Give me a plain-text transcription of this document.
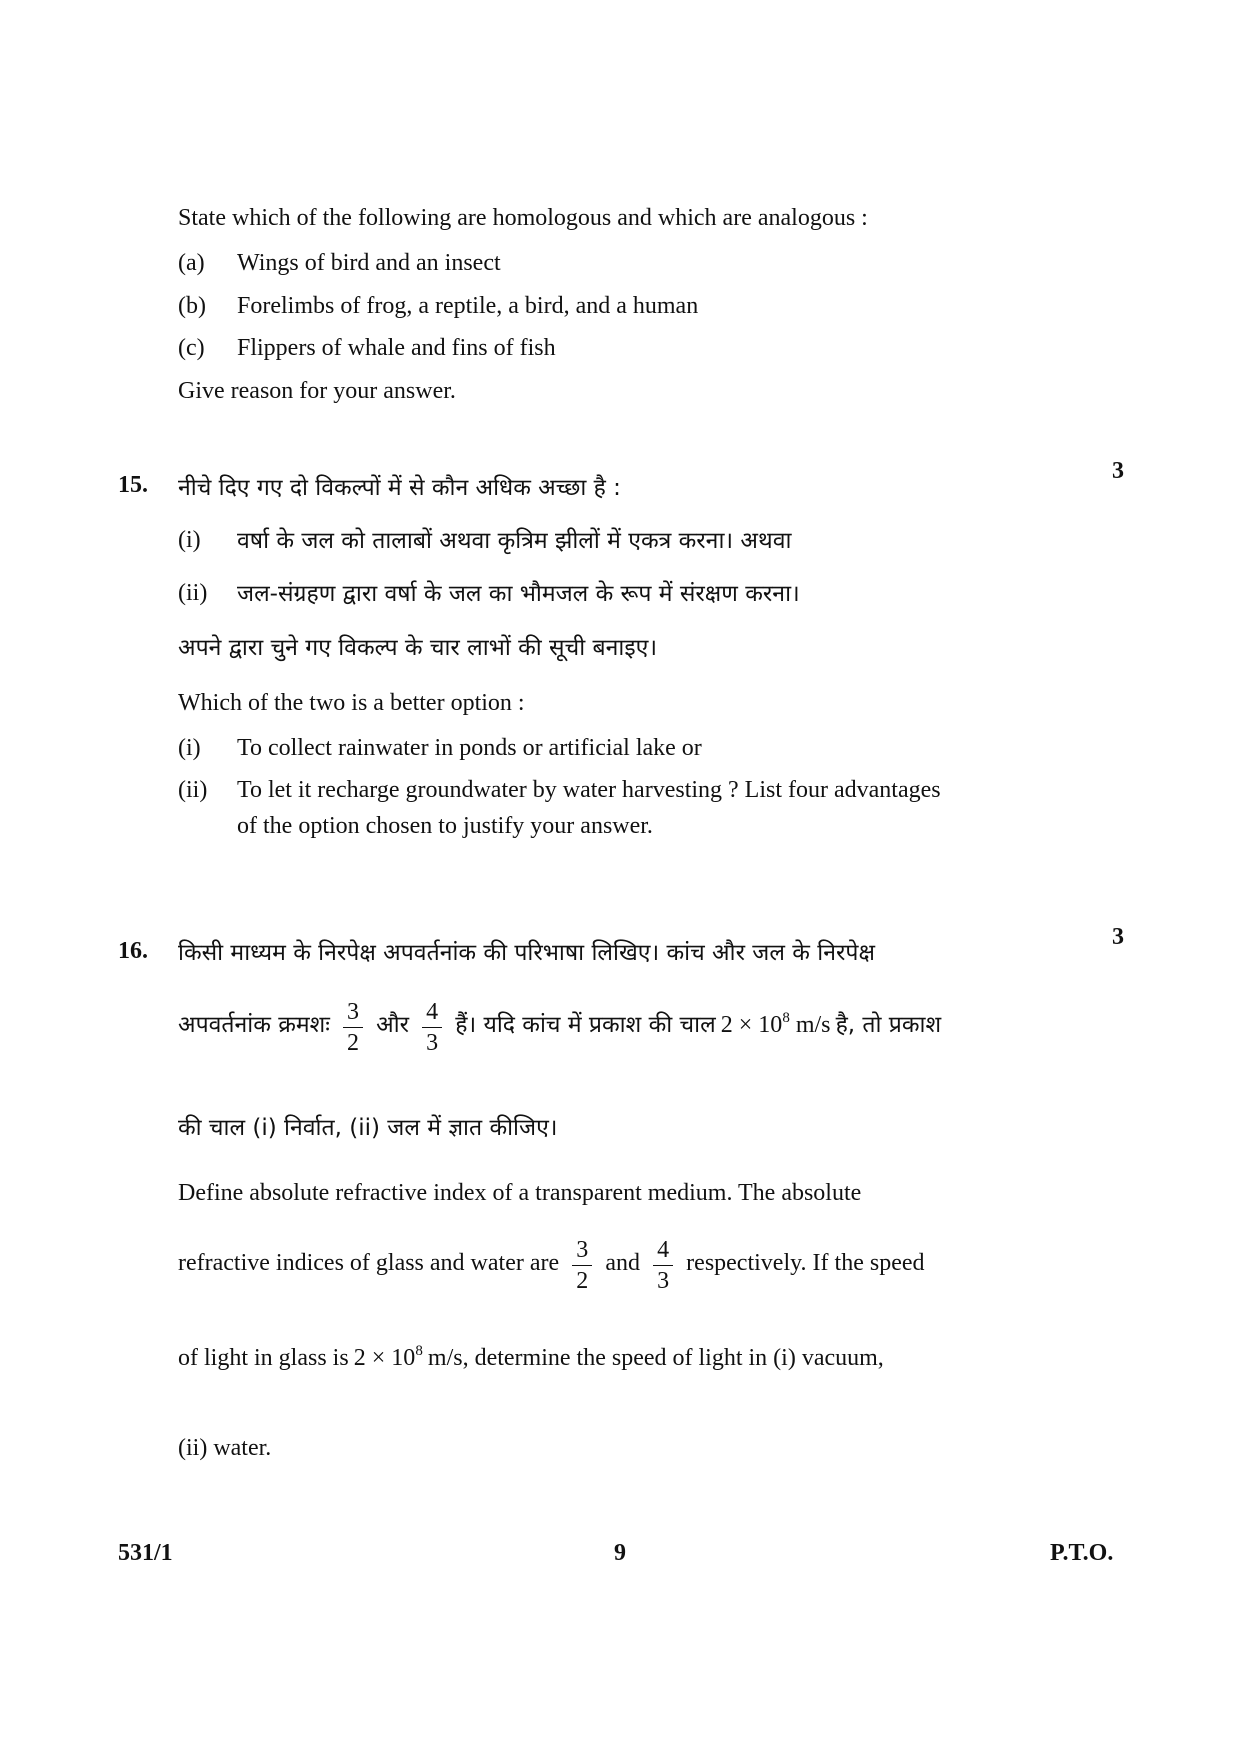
State which of the following are homologous and which are analogous :
(a) Wings of bird and an insect
(b) Forelimbs of frog, a reptile, a bird, and a human
(c) Flippers of whale and fins of fish
Give reason for your answer.
15.
3
नीचे दिए गए दो विकल्पों में से कौन अधिक अच्छा है :
(i) वर्षा के जल को तालाबों अथवा कृत्रिम झीलों में एकत्र करना। अथवा
(ii) जल-संग्रहण द्वारा वर्षा के जल का भौमजल के रूप में संरक्षण करना।
अपने द्वारा चुने गए विकल्प के चार लाभों की सूची बनाइए।
Which of the two is a better option :
(i) To collect rainwater in ponds or artificial lake or
(ii) To let it recharge groundwater by water harvesting ? List four advantages
of the option chosen to justify your answer.
16.
3
किसी माध्यम के निरपेक्ष अपवर्तनांक की परिभाषा लिखिए। कांच और जल के निरपेक्ष
अपवर्तनांक क्रमशः $\frac{3}{2}$ और $\frac{4}{3}$ हैं। यदि कांच में प्रकाश की चाल $2 \times 10^8$ m/s है, तो प्रकाश
की चाल (i) निर्वात, (ii) जल में ज्ञात कीजिए।
Define absolute refractive index of a transparent medium. The absolute
refractive indices of glass and water are $\frac{3}{2}$ and $\frac{4}{3}$ respectively. If the speed
of light in glass is $2 \times 10^8$ m/s, determine the speed of light in (i) vacuum,
(ii) water.
531/1	9	P.T.O.
